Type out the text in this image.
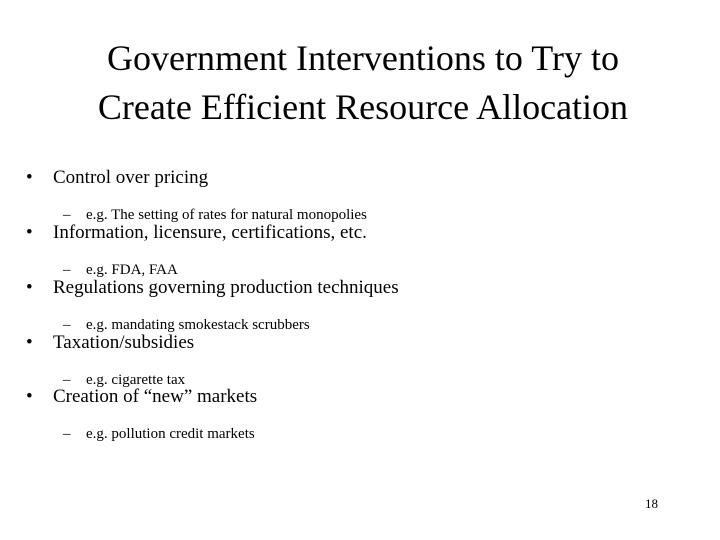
Government Interventions to Try to
Create Efficient Resource Allocation
• Control over pricing
– e.g. The setting of rates for natural monopolies
• Information, licensure, certifications, etc.
– e.g. FDA, FAA
• Regulations governing production techniques
– e.g. mandating smokestack scrubbers
• Taxation/subsidies
– e.g. cigarette tax
• Creation of “new” markets
– e.g. pollution credit markets
18
